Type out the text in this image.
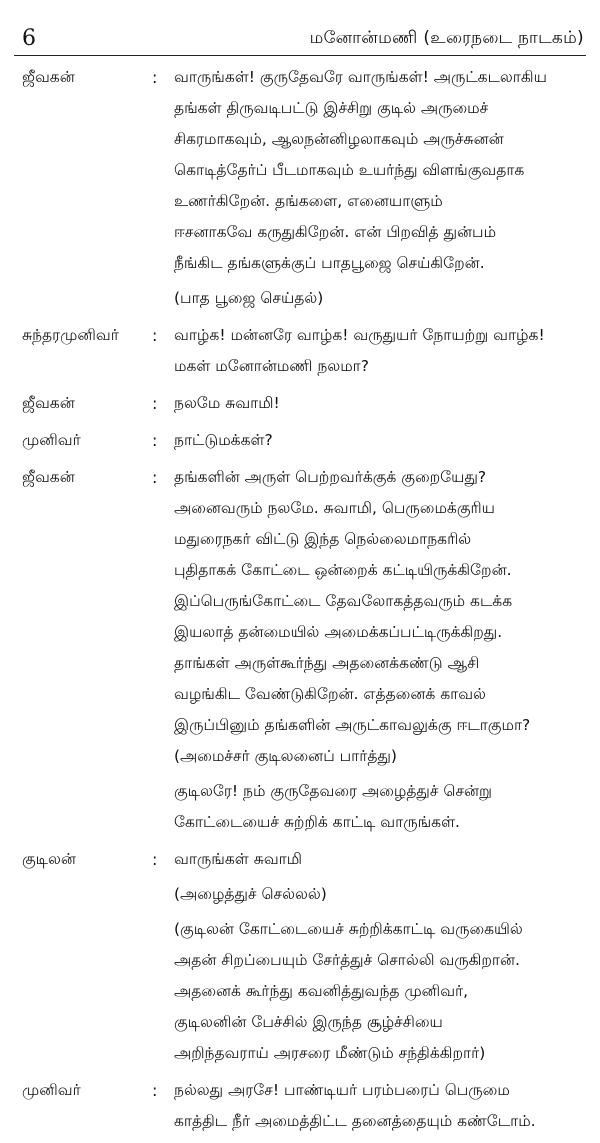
6	மனோன்மணி (உரைநடை நாடகம்)
ஜீவகன்	: வாருங்கள்! குருதேவரே வாருங்கள்! அருட்கடலாகிய

தங்கள் திருவடிபட்டு இச்சிறு குடில் அருமைச்

சிகரமாகவும், ஆலநன்னிழலாகவும் அருச்சுனன்

கொடித்தேர்ப் பீடமாகவும் உயர்ந்து விளங்குவதாக

உணர்கிறேன். தங்களை, எனையாளும்

ஈசனாகவே கருதுகிறேன். என் பிறவித் துன்பம்

நீங்கிட தங்களுக்குப் பாதபூஜை செய்கிறேன்.

(பாத பூஜை செய்தல்)

சுந்தரமுனிவர் : வாழ்க! மன்னரே வாழ்க! வருதுயர் நோயற்று வாழ்க!

மகள் மனோன்மணி நலமா?

ஜீவகன்	: நலமே சுவாமி!

முனிவர்	: நாட்டுமக்கள்?

ஜீவகன்	: தங்களின் அருள் பெற்றவர்க்குக் குறையேது?

அனைவரும் நலமே. சுவாமி, பெருமைக்குரிய

மதுரைநகர் விட்டு இந்த நெல்லைமாநகரில்

புதிதாகக் கோட்டை ஒன்றைக் கட்டியிருக்கிறேன்.

இப்பெருங்கோட்டை தேவலோகத்தவரும் கடக்க

இயலாத் தன்மையில் அமைக்கப்பட்டிருக்கிறது.

தாங்கள் அருள்கூர்ந்து அதனைக்கண்டு ஆசி

வழங்கிட வேண்டுகிறேன். எத்தனைக் காவல்

இருப்பினும் தங்களின் அருட்காவலுக்கு ஈடாகுமா?

(அமைச்சர் குடிலனைப் பார்த்து)

குடிலரே! நம் குருதேவரை அழைத்துச் சென்று

கோட்டையைச் சுற்றிக் காட்டி வாருங்கள்.

குடிலன்	: வாருங்கள் சுவாமி

(அழைத்துச் செல்லல்)

(குடிலன் கோட்டையைச் சுற்றிக்காட்டி வருகையில்

அதன் சிறப்பையும் சேர்த்துச் சொல்லி வருகிறான்.

அதனைக் கூர்ந்து கவனித்துவந்த முனிவர்,

குடிலனின் பேச்சில் இருந்த சூழ்ச்சியை

அறிந்தவராய் அரசரை மீண்டும் சந்திக்கிறார்)

முனிவர்	: நல்லது அரசே! பாண்டியர் பரம்பரைப் பெருமை

காத்திட நீர் அமைத்திட்ட தனைத்தையும் கண்டோம்.
